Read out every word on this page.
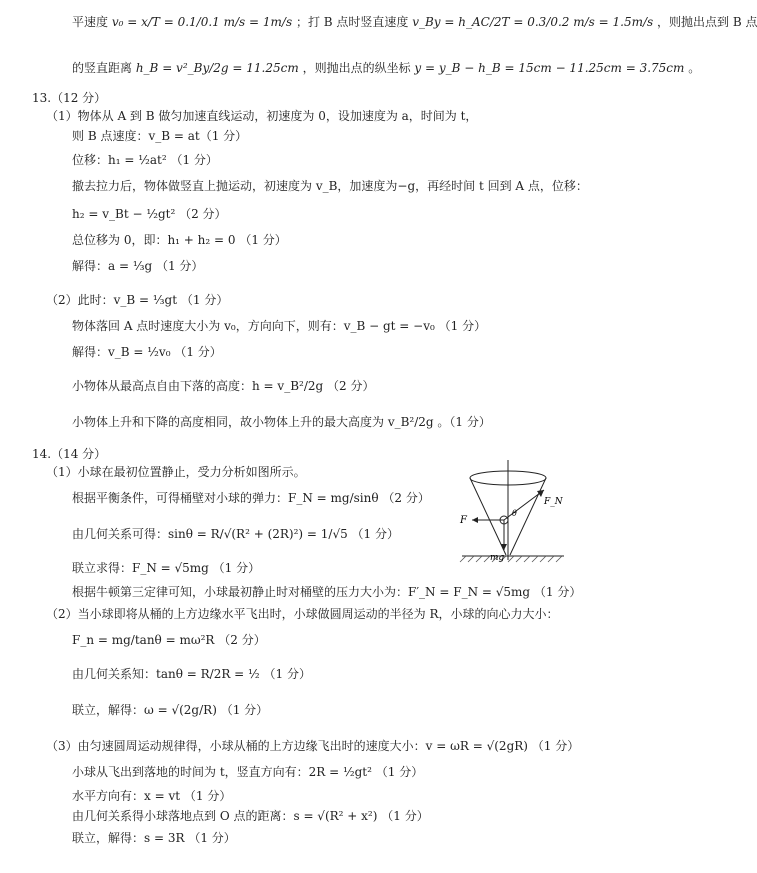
平速度 v₀ = x/T = 0.1/0.1 m/s = 1m/s ；打 B 点时竖直速度 v_By = h_AC/2T = 0.3/0.2 m/s = 1.5m/s ，则抛出点到 B 点
的竖直距离 h_B = v²_By/2g = 11.25cm ，则抛出点的纵坐标 y = y_B − h_B = 15cm − 11.25cm = 3.75cm 。
13.（12 分）
（1）物体从 A 到 B 做匀加速直线运动，初速度为 0，设加速度为 a，时间为 t，
则 B 点速度：v_B = at（1 分）
位移：h₁ = ½at² （1 分）
撤去拉力后，物体做竖直上抛运动，初速度为 v_B，加速度为−g，再经时间 t 回到 A 点，位移：
h₂ = v_Bt − ½gt² （2 分）
总位移为 0，即：h₁ + h₂ = 0 （1 分）
解得：a = ⅓g （1 分）
（2）此时：v_B = ⅓gt （1 分）
物体落回 A 点时速度大小为 v₀，方向向下，则有：v_B − gt = −v₀ （1 分）
解得：v_B = ½v₀ （1 分）
小物体从最高点自由下落的高度：h = v_B²/2g （2 分）
小物体上升和下降的高度相同，故小物体上升的最大高度为 v_B²/2g 。（1 分）
14.（14 分）
（1）小球在最初位置静止，受力分析如图所示。
根据平衡条件，可得桶壁对小球的弹力：F_N = mg/sinθ （2 分）
由几何关系可得：sinθ = R/√(R² + (2R)²) = 1/√5 （1 分）
联立求得：F_N = √5mg （1 分）
根据牛顿第三定律可知，小球最初静止时对桶壁的压力大小为：F′_N = F_N = √5mg （1 分）
（2）当小球即将从桶的上方边缘水平飞出时，小球做圆周运动的半径为 R，小球的向心力大小：
F_n = mg/tanθ = mω²R （2 分）
由几何关系知：tanθ = R/2R = ½ （1 分）
联立，解得：ω = √(2g/R) （1 分）
（3）由匀速圆周运动规律得，小球从桶的上方边缘飞出时的速度大小：v = ωR = √(2gR) （1 分）
小球从飞出到落地的时间为 t，竖直方向有：2R = ½gt² （1 分）
水平方向有：x = vt （1 分）
由几何关系得小球落地点到 O 点的距离：s = √(R² + x²) （1 分）
联立，解得：s = 3R （1 分）
F
F_N
mg
θ
